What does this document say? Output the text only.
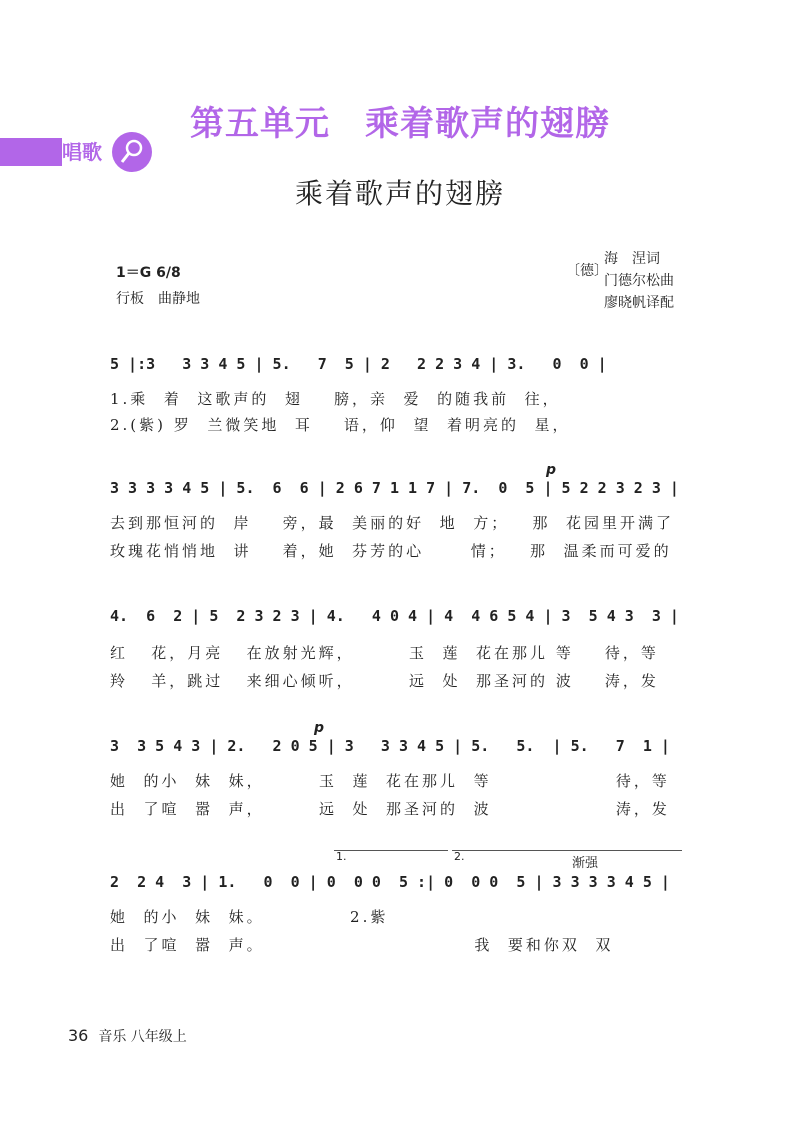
第五单元　乘着歌声的翅膀
唱歌
乘着歌声的翅膀
1＝G 6/8
行板　曲静地
〔德〕
海　涅词
门德尔松曲
廖晓帆译配
5 |:3   3 3 4 5 | 5.   7  5 | 2   2 2 3 4 | 3.   0  0 |
1.乘  着  这歌声的  翅    膀，亲  爱  的随我前  往，
2.(紫) 罗  兰微笑地  耳    语，仰  望  着明亮的  星，
3 3 3 3 4 5 | 5.  6  6 | 2 6 7 1 1 7 | 7.  0  5 | 5 2 2 3 2 3 |
p
去到那恒河的  岸    旁，最  美丽的好  地  方；   那  花园里开满了
玫瑰花悄悄地  讲    着，她  芬芳的心      情；   那  温柔而可爱的
4.  6  2 | 5  2 3 2 3 | 4.   4 0 4 | 4  4 6 5 4 | 3  5 4 3  3 |
红   花，月亮   在放射光辉，       玉  莲  花在那儿 等    待，等
羚   羊，跳过   来细心倾听，       远  处  那圣河的 波    涛，发
3  3 5 4 3 | 2.   2 0 5 | 3   3 3 4 5 | 5.   5.  | 5.   7  1 |
p
她  的小  妹  妹，       玉  莲  花在那儿  等                待，等
出  了喧  嚣  声，       远  处  那圣河的  波                涛，发
1.	2.	渐强
2  2 4  3 | 1.   0  0 | 0  0 0  5 :| 0  0 0  5 | 3 3 3 3 4 5 |
她  的小  妹  妹。           2.紫
出  了喧  嚣  声。                           我  要和你双  双
36 音乐 八年级上
